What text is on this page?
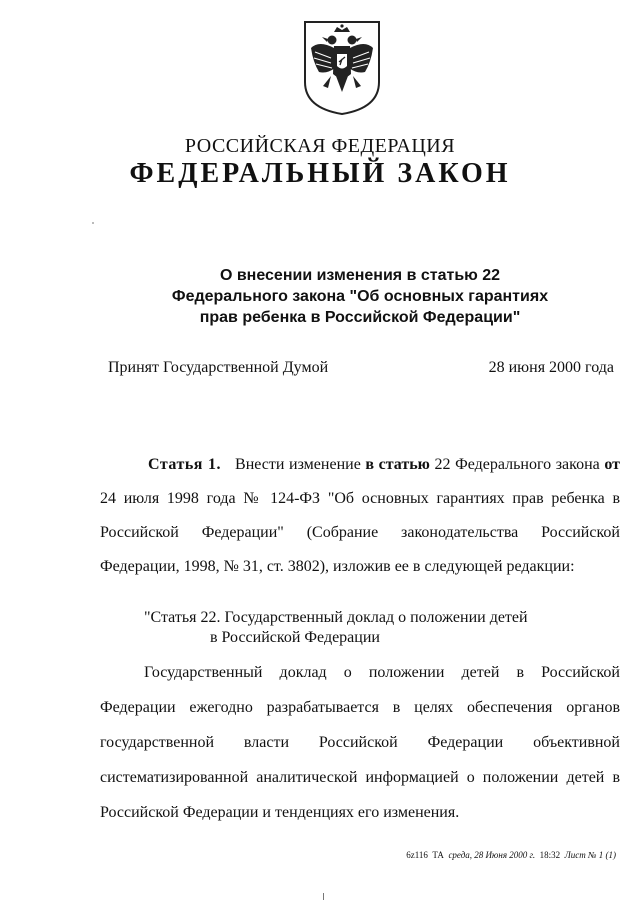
РОССИЙСКАЯ ФЕДЕРАЦИЯ
ФЕДЕРАЛЬНЫЙ ЗАКОН
О внесении изменения в статью 22
Федерального закона "Об основных гарантиях
прав ребенка в Российской Федерации"
Принят Государственной Думой	28 июня 2000 года
Статья 1. Внести изменение в статью 22 Федерального закона от 24 июля 1998 года № 124-ФЗ "Об основных гарантиях прав ребенка в Российской Федерации" (Собрание законодательства Российской Федерации, 1998, № 31, ст. 3802), изложив ее в следующей редакции:
"Статья 22. Государственный доклад о положении детей
в Российской Федерации
Государственный доклад о положении детей в Российской Федерации ежегодно разрабатывается в целях обеспечения органов государственной власти Российской Федерации объективной систематизированной аналитической информацией о положении детей в Российской Федерации и тенденциях его изменения.
6z116 ТА среда, 28 Июня 2000 г. 18:32 Лист № 1 (1)
